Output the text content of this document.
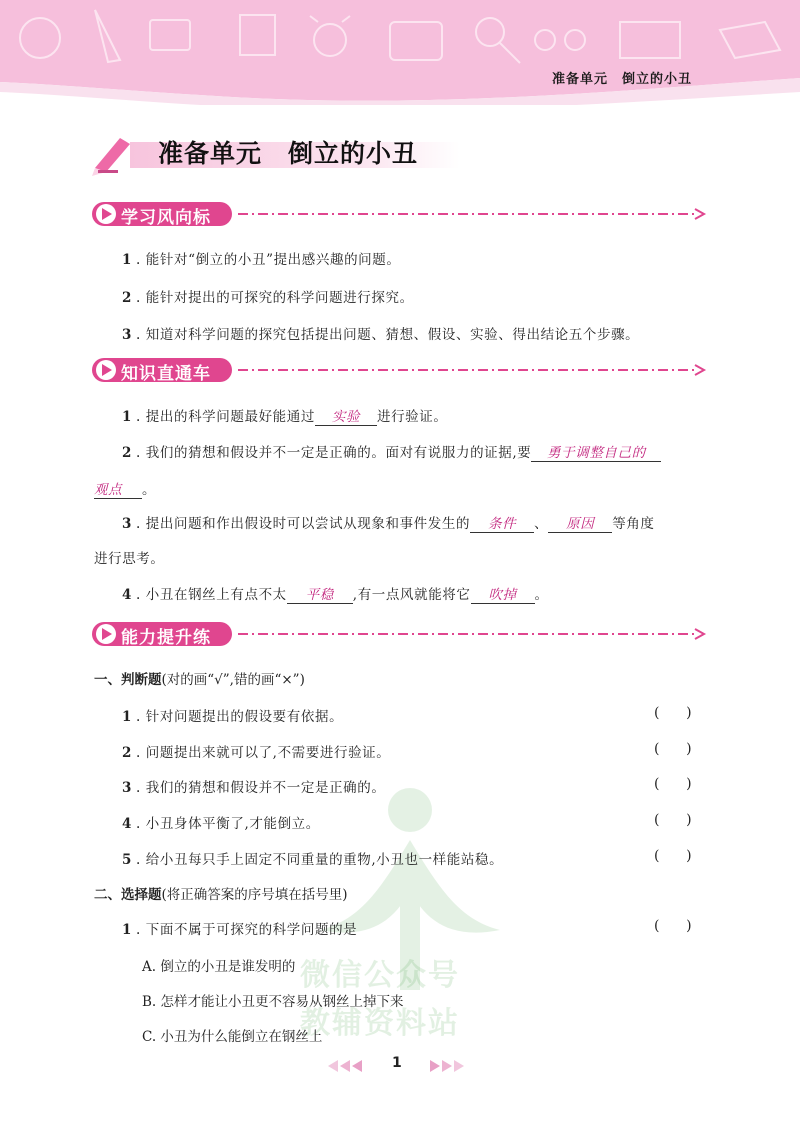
准备单元　倒立的小丑
准备单元　倒立的小丑
学习风向标
1 . 能针对“倒立的小丑”提出感兴趣的问题。
2 . 能针对提出的可探究的科学问题进行探究。
3 . 知道对科学问题的探究包括提出问题、猜想、假设、实验、得出结论五个步骤。
知识直通车
1 . 提出的科学问题最好能通过 实验 进行验证。
2 . 我们的猜想和假设并不一定是正确的。面对有说服力的证据,要 勇于调整自己的
观点 。
3 . 提出问题和作出假设时可以尝试从现象和事件发生的 条件 、 原因 等角度
进行思考。
4 . 小丑在钢丝上有点不太 平稳 ,有一点风就能将它 吹掉 。
能力提升练
微信公众号
教辅资料站
一、判断题(对的画“√”,错的画“×”)
1 . 针对问题提出的假设要有依据。	(      )
2 . 问题提出来就可以了,不需要进行验证。	(      )
3 . 我们的猜想和假设并不一定是正确的。	(      )
4 . 小丑身体平衡了,才能倒立。	(      )
5 . 给小丑每只手上固定不同重量的重物,小丑也一样能站稳。	(      )
二、选择题(将正确答案的序号填在括号里)
1 . 下面不属于可探究的科学问题的是	(      )
A. 倒立的小丑是谁发明的
B. 怎样才能让小丑更不容易从钢丝上掉下来
C. 小丑为什么能倒立在钢丝上
1
